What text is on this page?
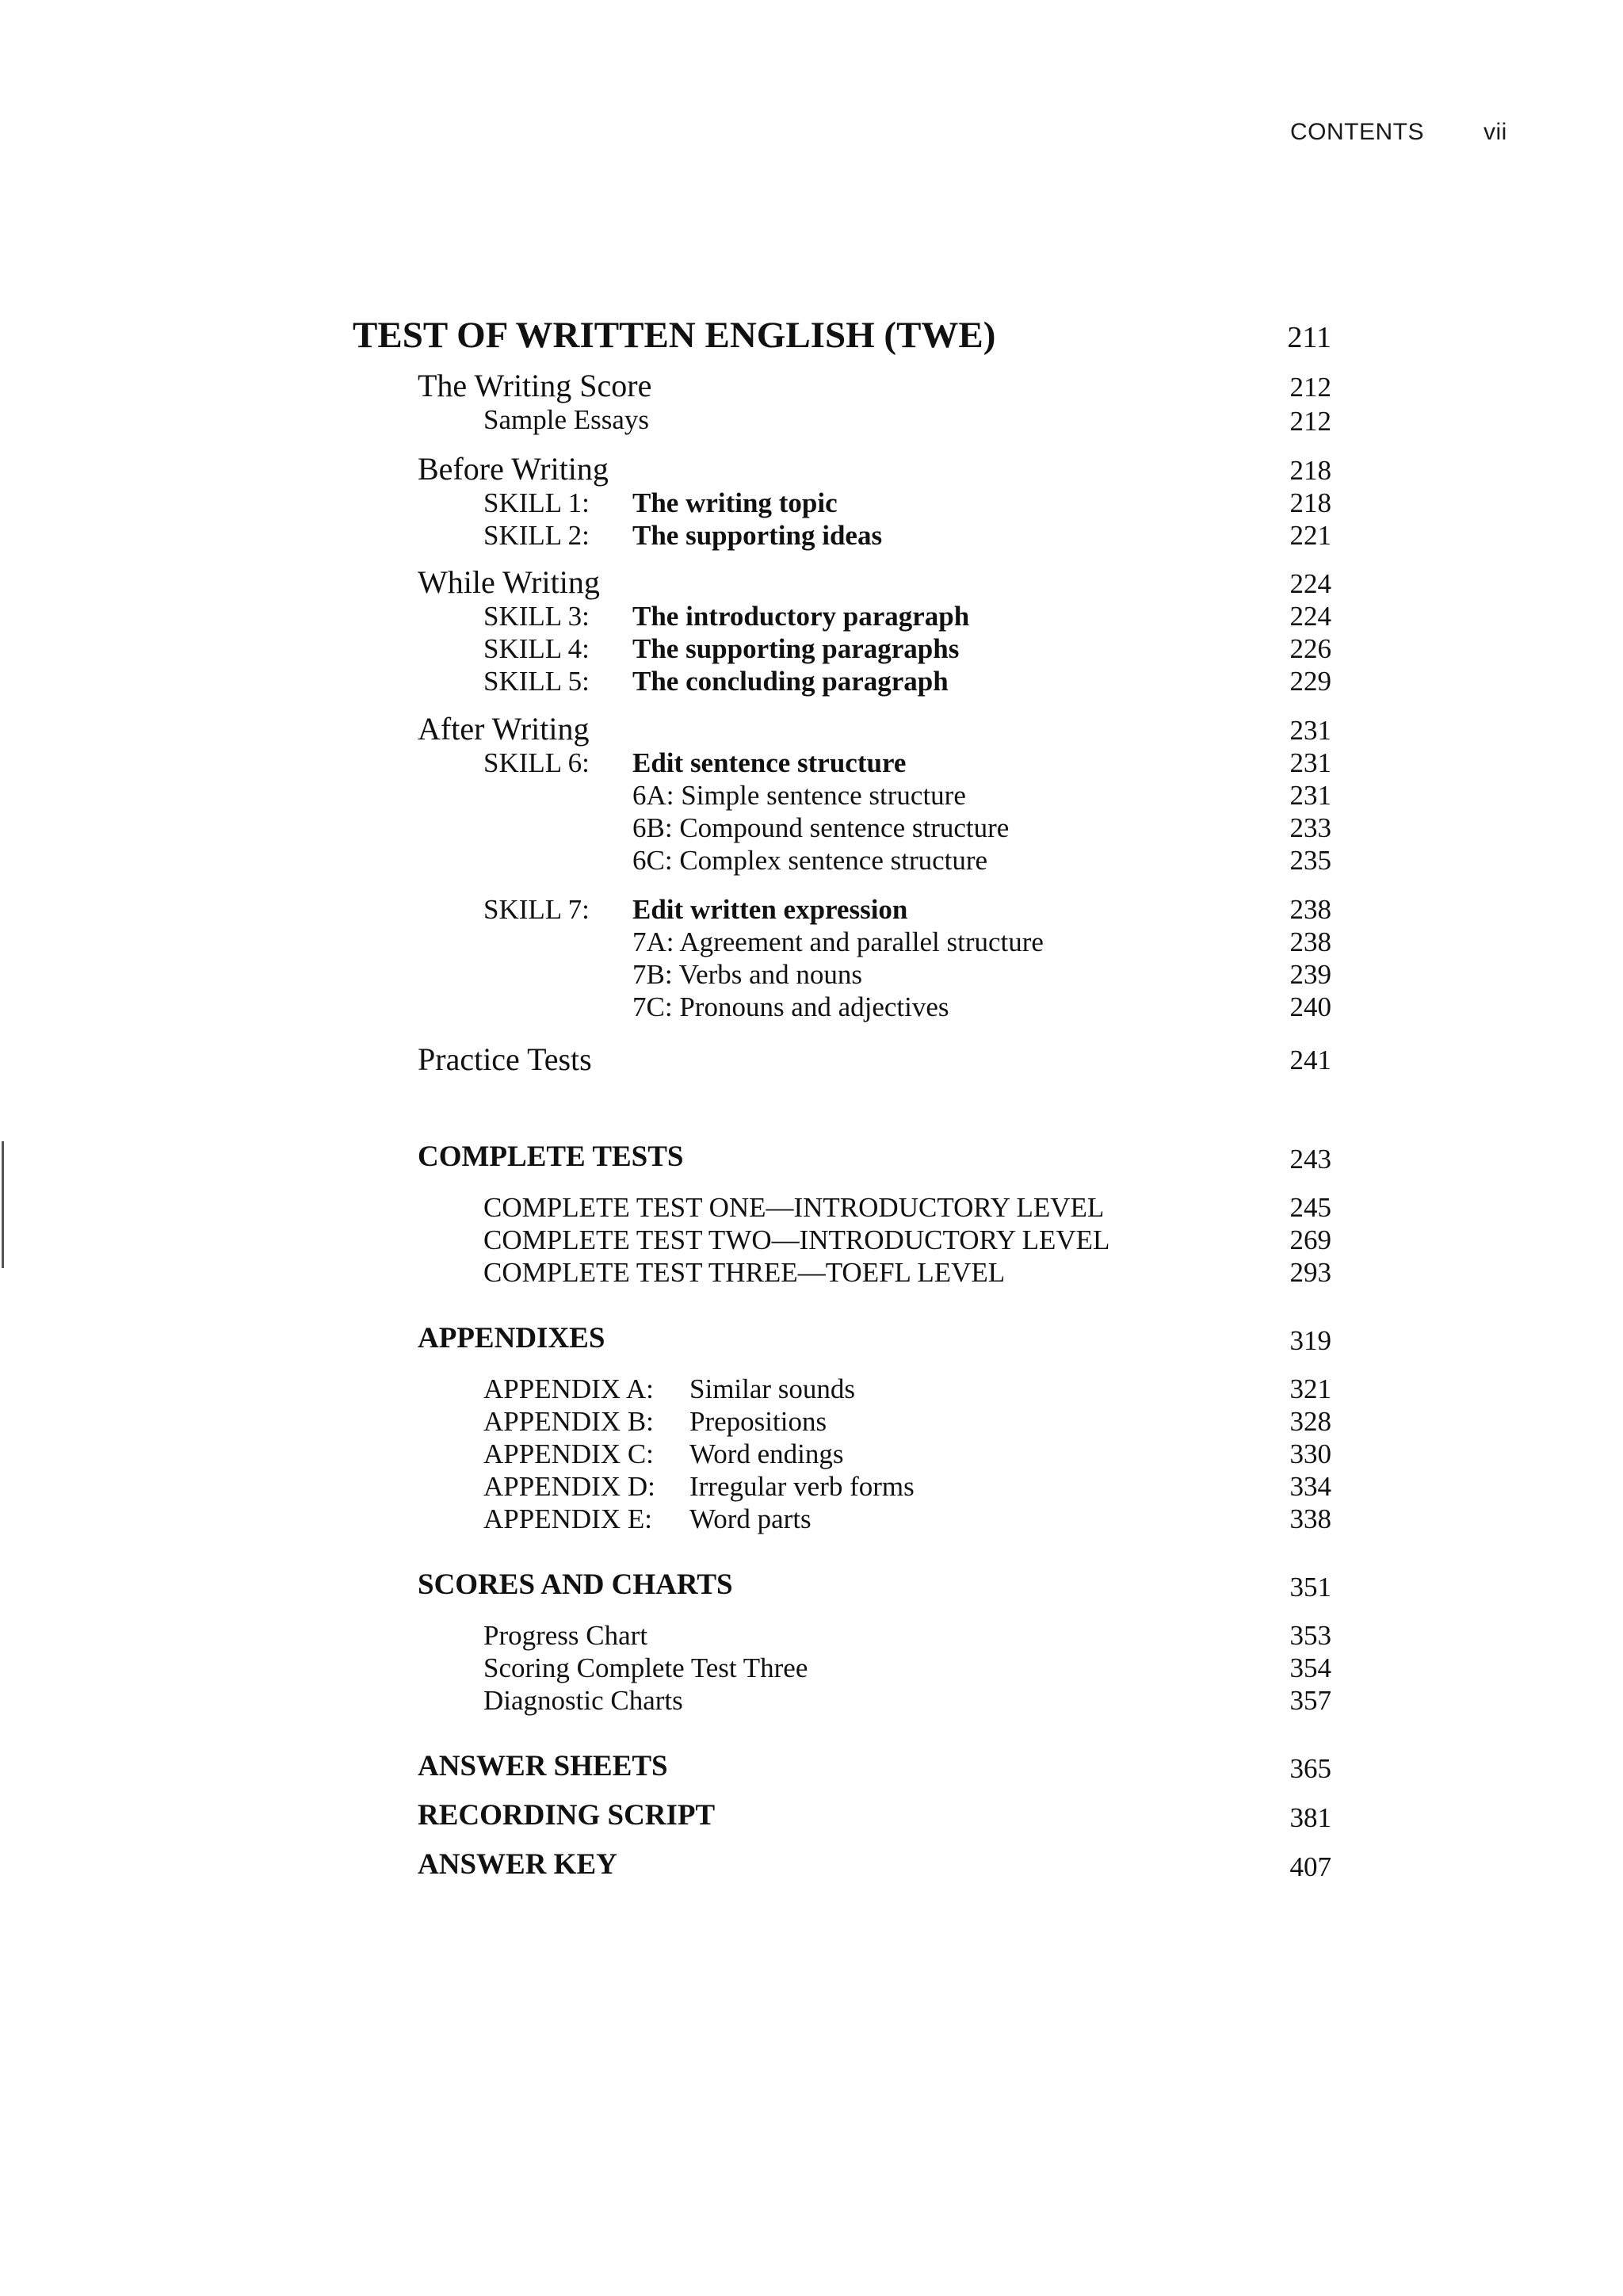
CONTENTS	vii
TEST OF WRITTEN ENGLISH (TWE)	211
The Writing Score	212
Sample Essays	212
Before Writing	218
SKILL 1: The writing topic	218
SKILL 2: The supporting ideas	221
While Writing	224
SKILL 3: The introductory paragraph	224
SKILL 4: The supporting paragraphs	226
SKILL 5: The concluding paragraph	229
After Writing	231
SKILL 6: Edit sentence structure	231
6A: Simple sentence structure	231
6B: Compound sentence structure	233
6C: Complex sentence structure	235
SKILL 7: Edit written expression	238
7A: Agreement and parallel structure	238
7B: Verbs and nouns	239
7C: Pronouns and adjectives	240
Practice Tests	241
COMPLETE TESTS	243
COMPLETE TEST ONE—INTRODUCTORY LEVEL	245
COMPLETE TEST TWO—INTRODUCTORY LEVEL	269
COMPLETE TEST THREE—TOEFL LEVEL	293
APPENDIXES	319
APPENDIX A: Similar sounds	321
APPENDIX B: Prepositions	328
APPENDIX C: Word endings	330
APPENDIX D: Irregular verb forms	334
APPENDIX E: Word parts	338
SCORES AND CHARTS	351
Progress Chart	353
Scoring Complete Test Three	354
Diagnostic Charts	357
ANSWER SHEETS	365
RECORDING SCRIPT	381
ANSWER KEY	407
